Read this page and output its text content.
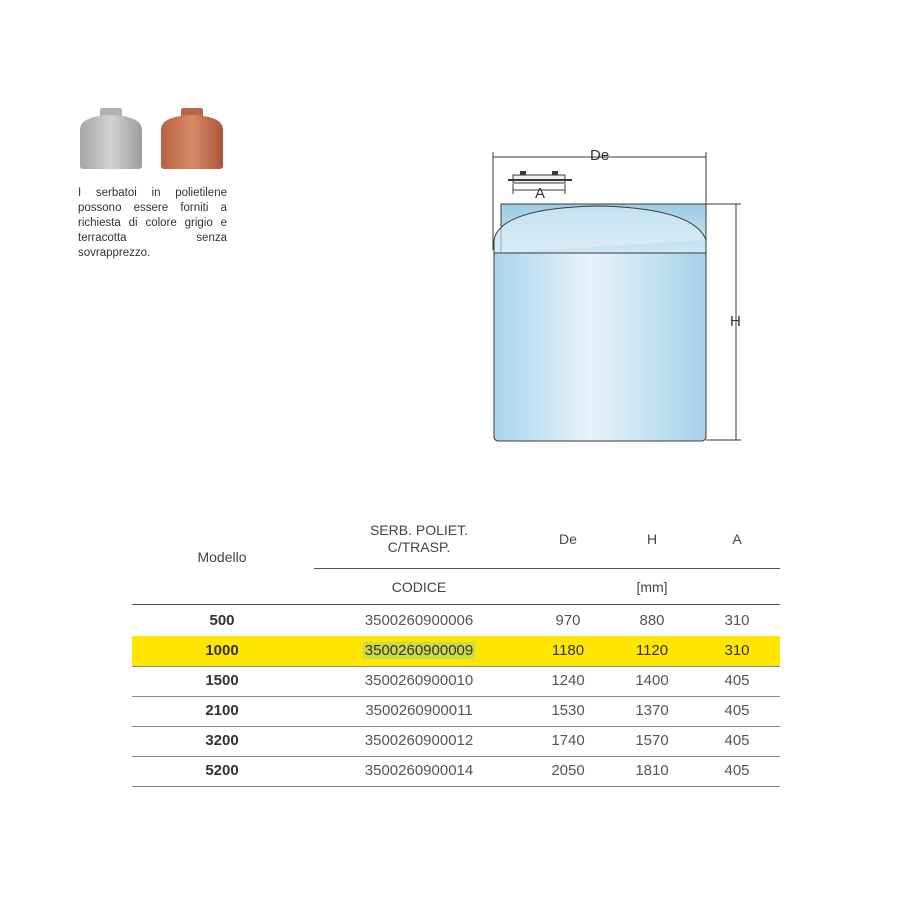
I serbatoi in polietilene possono essere forniti a richiesta di colore grigio e terracotta senza sovrapprezzo.
De
A
H
Modello
SERB. POLIET.
C/TRASP.	De	H	A
CODICE	[mm]
500	3500260900006	970	880	310
1000	3500260900009	1180	1120	310
1500	3500260900010	1240	1400	405
2100	3500260900011	1530	1370	405
3200	3500260900012	1740	1570	405
5200	3500260900014	2050	1810	405
